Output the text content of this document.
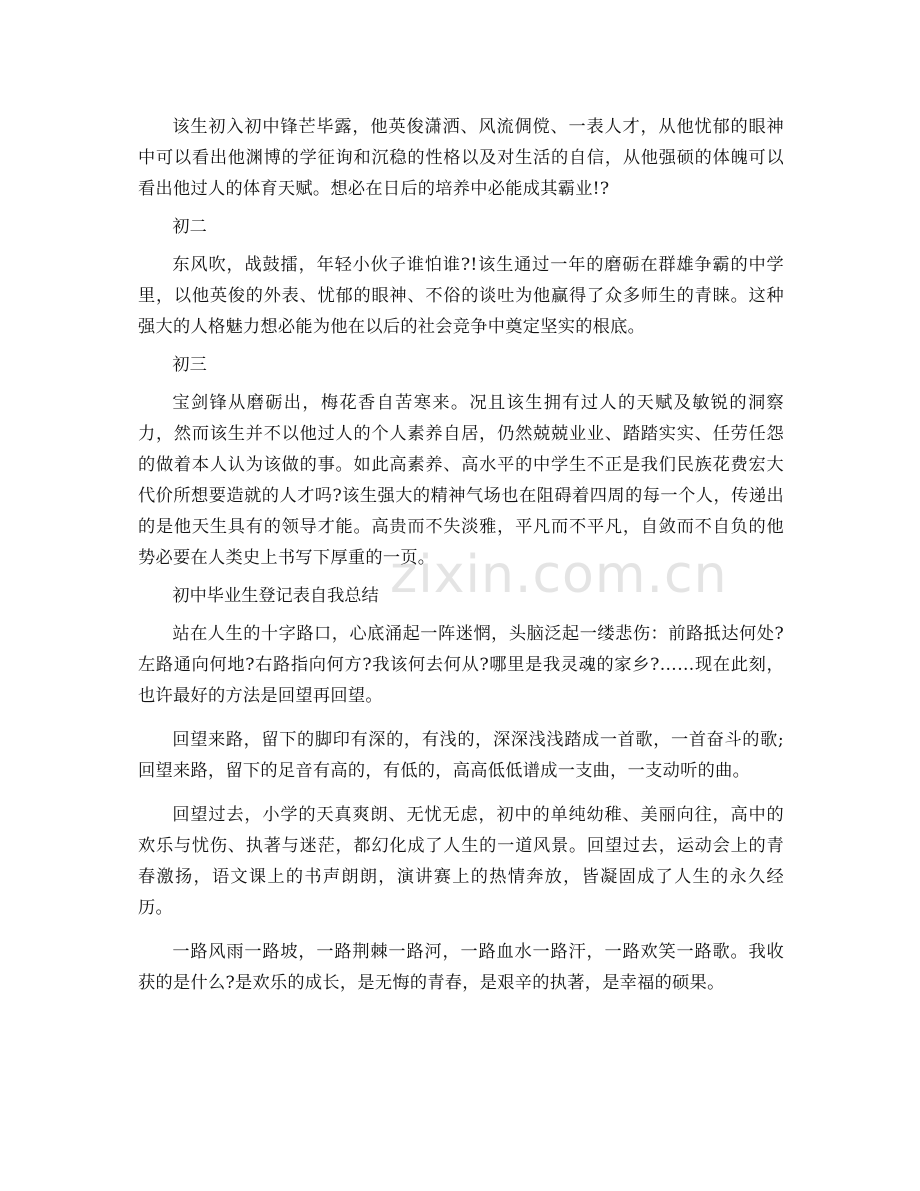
zixin.com.cn

该生初入初中锋芒毕露，他英俊潇洒、风流倜傥、一表人才，从他忧郁的眼神中可以看出他渊博的学征询和沉稳的性格以及对生活的自信，从他强硕的体魄可以看出他过人的体育天赋。想必在日后的培养中必能成其霸业!?

初二

东风吹，战鼓擂，年轻小伙子谁怕谁?!该生通过一年的磨砺在群雄争霸的中学里，以他英俊的外表、忧郁的眼神、不俗的谈吐为他赢得了众多师生的青睐。这种强大的人格魅力想必能为他在以后的社会竞争中奠定坚实的根底。

初三

宝剑锋从磨砺出，梅花香自苦寒来。况且该生拥有过人的天赋及敏锐的洞察力，然而该生并不以他过人的个人素养自居，仍然兢兢业业、踏踏实实、任劳任怨的做着本人认为该做的事。如此高素养、高水平的中学生不正是我们民族花费宏大代价所想要造就的人才吗?该生强大的精神气场也在阻碍着四周的每一个人，传递出的是他天生具有的领导才能。高贵而不失淡雅，平凡而不平凡，自敛而不自负的他势必要在人类史上书写下厚重的一页。

初中毕业生登记表自我总结

站在人生的十字路口，心底涌起一阵迷惘，头脑泛起一缕悲伤：前路抵达何处?左路通向何地?右路指向何方?我该何去何从?哪里是我灵魂的家乡?……现在此刻，也许最好的方法是回望再回望。

回望来路，留下的脚印有深的，有浅的，深深浅浅踏成一首歌，一首奋斗的歌;回望来路，留下的足音有高的，有低的，高高低低谱成一支曲，一支动听的曲。

回望过去，小学的天真爽朗、无忧无虑，初中的单纯幼稚、美丽向往，高中的欢乐与忧伤、执著与迷茫，都幻化成了人生的一道风景。回望过去，运动会上的青春激扬，语文课上的书声朗朗，演讲赛上的热情奔放，皆凝固成了人生的永久经历。

一路风雨一路坡，一路荆棘一路河，一路血水一路汗，一路欢笑一路歌。我收获的是什么?是欢乐的成长，是无悔的青春，是艰辛的执著，是幸福的硕果。
